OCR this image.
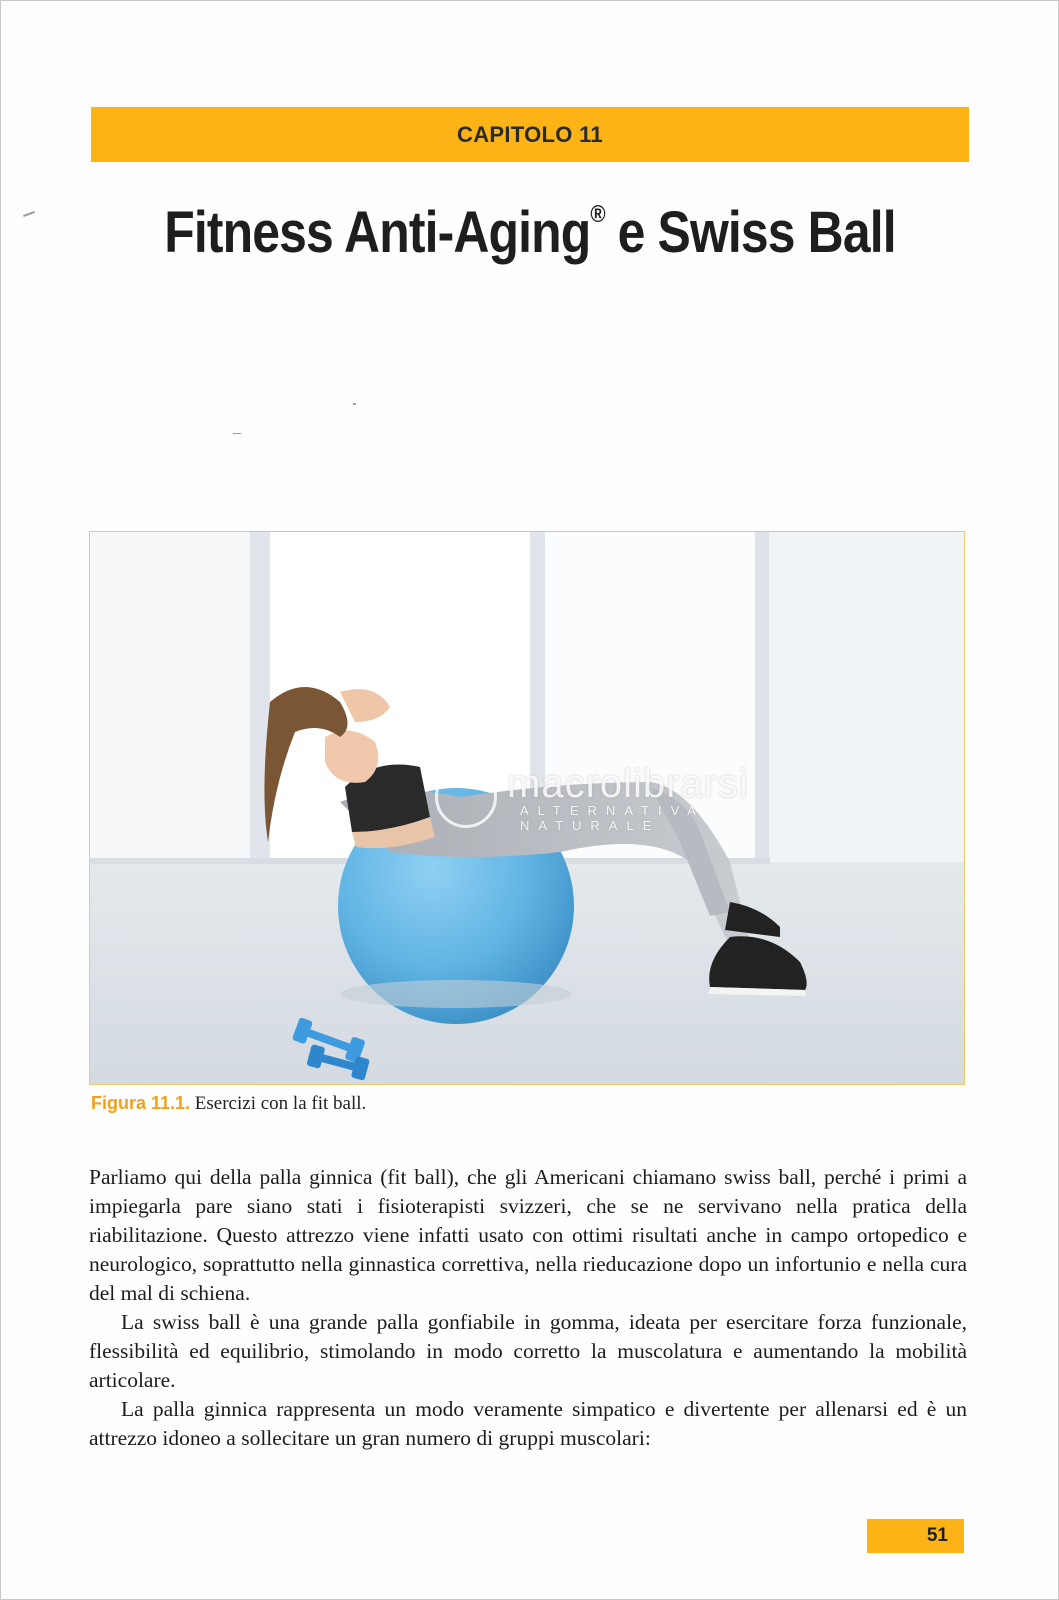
CAPITOLO 11
Fitness Anti-Aging® e Swiss Ball
macrolibrarsi
ALTERNATIVA NATURALE
Figura 11.1. Esercizi con la fit ball.

Parliamo qui della palla ginnica (fit ball), che gli Americani chiamano swiss ball, perché i primi a impiegarla pare siano stati i fisioterapisti svizzeri, che se ne servivano nella pratica della riabilitazione. Questo attrezzo viene infatti usato con ottimi risultati anche in campo ortopedico e neurologico, soprattutto nella ginnastica correttiva, nella rieducazione dopo un infortunio e nella cura del mal di schiena.

La swiss ball è una grande palla gonfiabile in gomma, ideata per esercitare forza funzionale, flessibilità ed equilibrio, stimolando in modo corretto la muscolatura e aumentando la mobilità articolare.

La palla ginnica rappresenta un modo veramente simpatico e divertente per allenarsi ed è un attrezzo idoneo a sollecitare un gran numero di gruppi muscolari:

51
